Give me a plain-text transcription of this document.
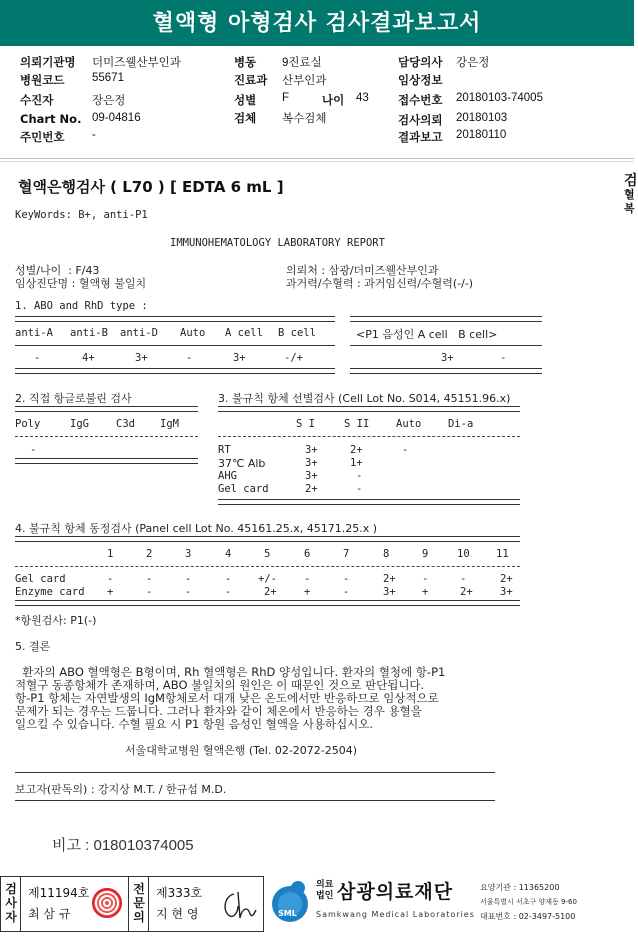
혈액형 아형검사 검사결과보고서
의뢰기관명 더미즈웰산부인과
병원코드 55671
수진자	장은정
Chart No. 09-04816
주민번호 -
병동 9진료실
진료과 산부인과
성별 F	나이 43
검체 복수검체
담당의사 강은정
임상정보
접수번호 20180103-74005
검사의뢰 20180103
결과보고 20180110
검
혈
복
혈액은행검사 ( L70 ) [ EDTA 6 mL ]
KeyWords: B+, anti-P1
IMMUNOHEMATOLOGY LABORATORY REPORT
성별/나이  : F/43
임상진단명 : 혈액형 불일치
의뢰처 : 삼광/더미즈웰산부인과
과거력/수혈력 : 과거임신력/수혈력(-/-)
1. ABO and RhD type :
anti-A anti-B anti-D Auto A cell B cell	<P1 음성인 A cell   B cell>
-	4+	3+	-	3+	-/+	3+	-
2. 직접 항글로불린 검사
Poly	IgG	C3d IgM
-
3. 불규칙 항체 선별검사 (Cell Lot No. S014, 45151.96.x)
S I	S II	Auto	Di-a
RT	3+	2+	-
37℃ Alb	3+	1+
AHG	3+	-
Gel card	2+	-
4. 불규칙 항체 동정검사 (Panel cell Lot No. 45161.25.x, 45171.25.x )
1	2	3	4	5	6	7	8	9	10	11
Gel card	-	-	-	-	+/-	-	-	2+	-	-	2+
Enzyme card +	-	-	-	2+	+	-	3+	+	2+	3+
*항원검사: P1(-)
5. 결론
환자의 ABO 혈액형은 B형이며, Rh 혈액형은 RhD 양성입니다. 환자의 혈청에 항-P1
적혈구 동종항체가 존재하며, ABO 불일치의 원인은 이 때문인 것으로 판단됩니다.
항-P1 항체는 자연발생의 IgM항체로서 대개 낮은 온도에서만 반응하므로 임상적으로
문제가 되는 경우는 드뭅니다. 그러나 환자와 같이 체온에서 반응하는 경우 용혈을
일으킬 수 있습니다. 수혈 필요 시 P1 항원 음성인 혈액을 사용하십시오.
서울대학교병원 혈액은행 (Tel. 02-2072-2504)
보고자(판독의) : 강지상 M.T. / 한규섭 M.D.
비고 : 018010374005
검사자
제11194호
최 삼 규
전문의
제333호
지 현 영	SML
의료
법인 삼광의료재단
Samkwang Medical Laboratories
요양기관 : 11365200
서울특별시 서초구 양재동 9-60
대표번호 : 02-3497-5100
